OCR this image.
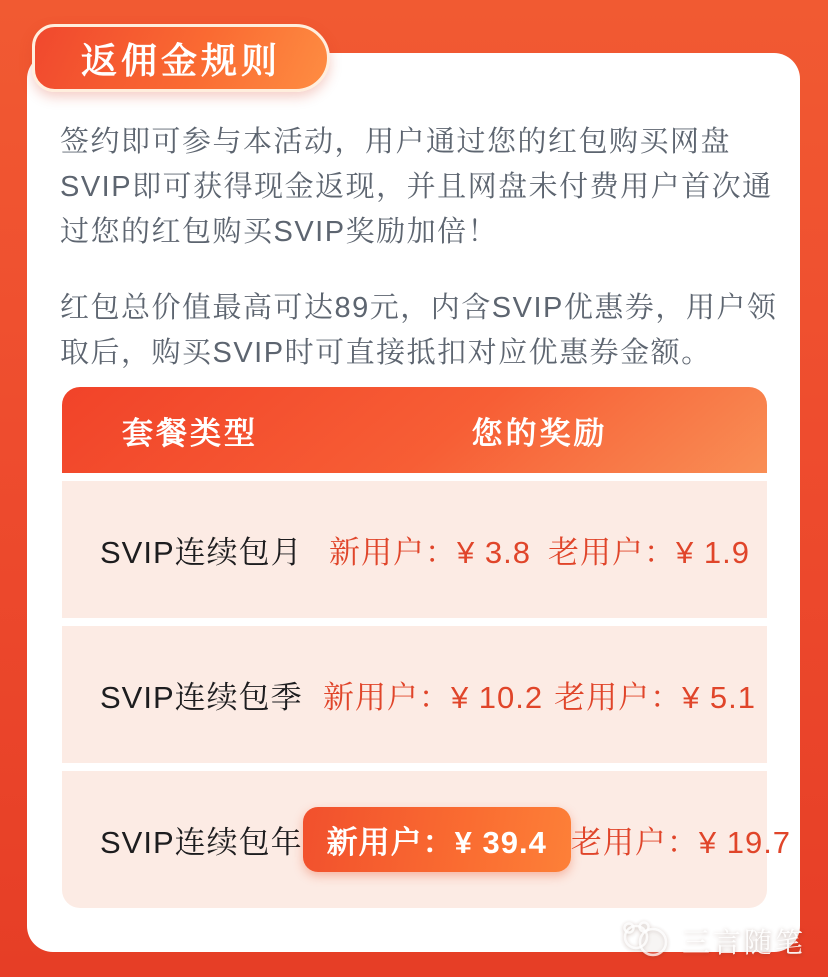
返佣金规则

签约即可参与本活动，用户通过您的红包购买网盘SVIP即可获得现金返现，并且网盘未付费用户首次通过您的红包购买SVIP奖励加倍！

红包总价值最高可达89元，内含SVIP优惠券，用户领取后，购买SVIP时可直接抵扣对应优惠券金额。

套餐类型	您的奖励
SVIP连续包月 新用户：¥ 3.8 老用户：¥ 1.9
SVIP连续包季 新用户：¥ 10.2 老用户：¥ 5.1
SVIP连续包年 新用户：¥ 39.4 老用户：¥ 19.7
三言随笔
